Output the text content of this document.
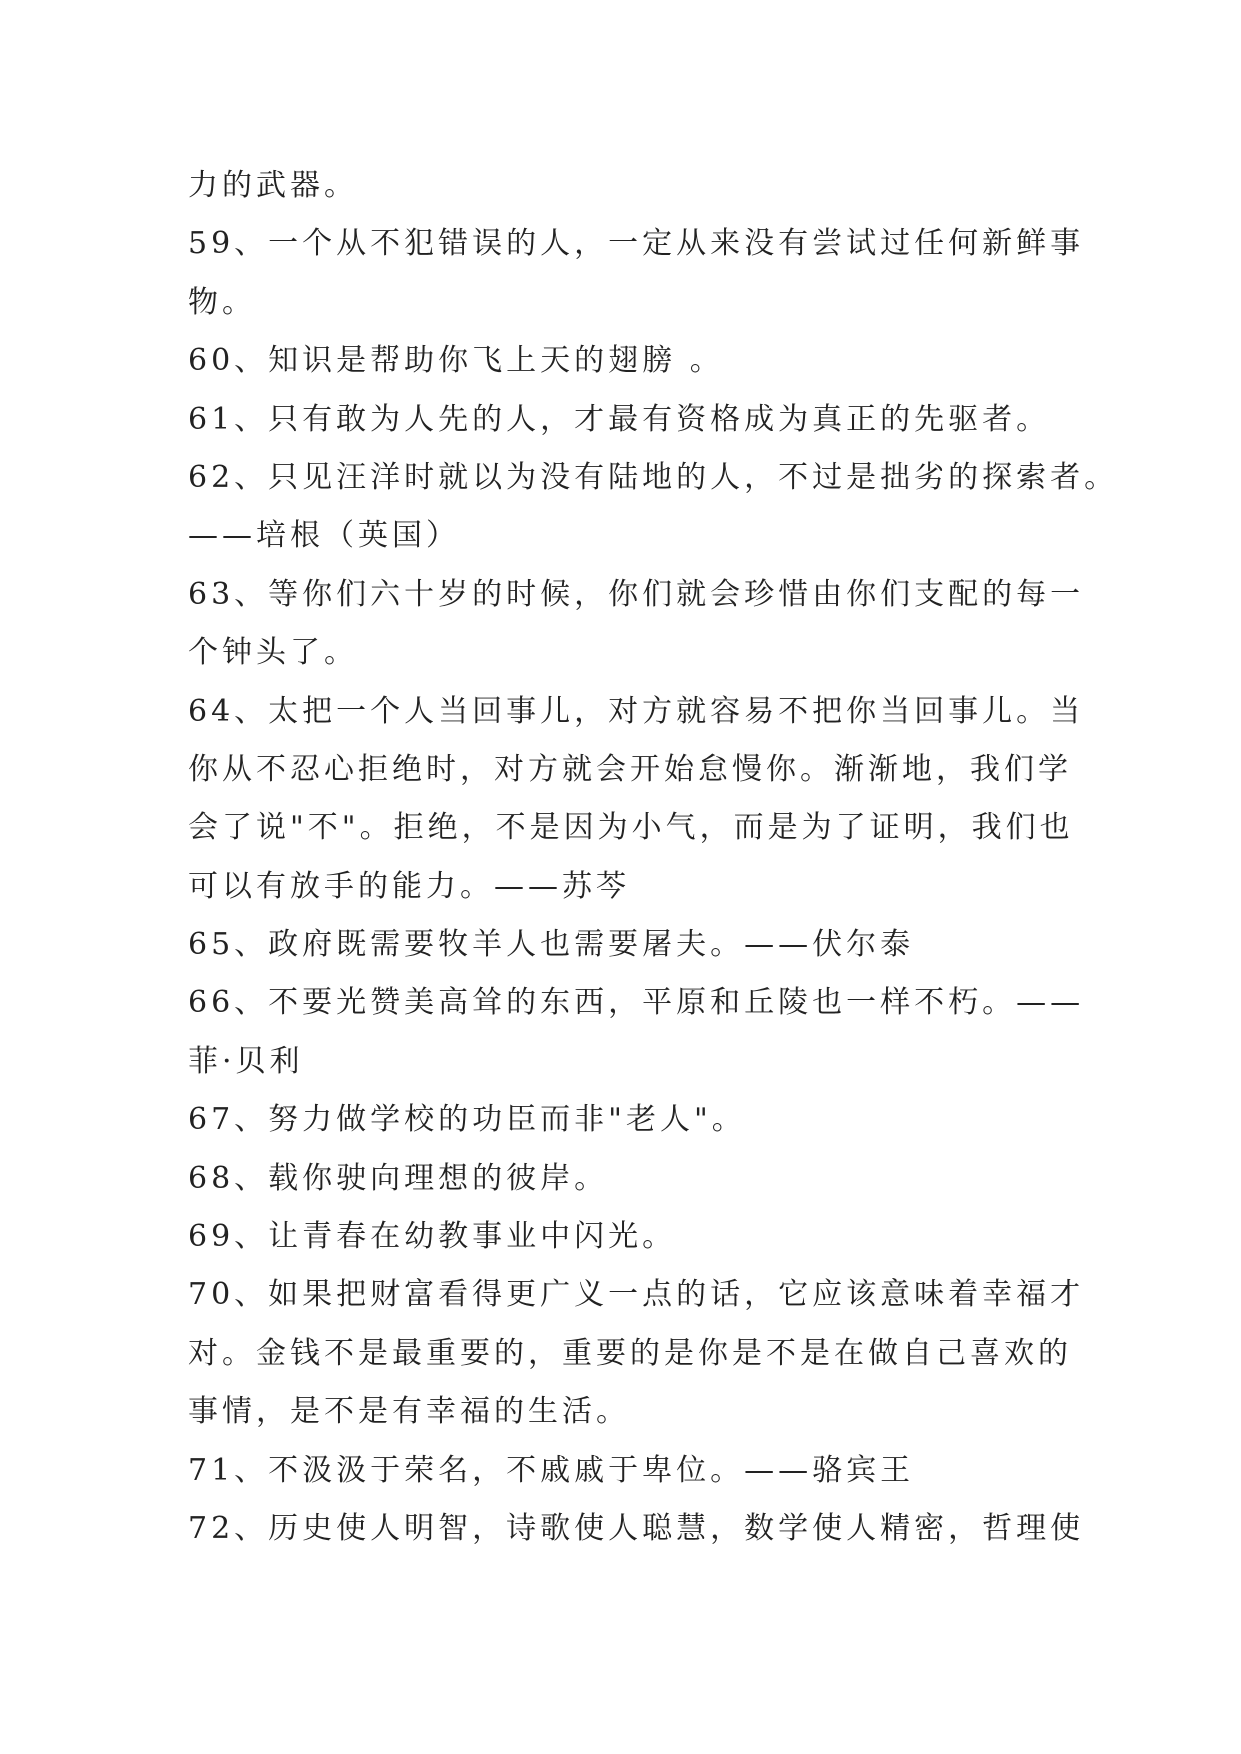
力的武器。
59、一个从不犯错误的人，一定从来没有尝试过任何新鲜事
物。
60、知识是帮助你飞上天的翅膀 。
61、只有敢为人先的人，才最有资格成为真正的先驱者。
62、只见汪洋时就以为没有陆地的人，不过是拙劣的探索者。
——培根（英国）
63、等你们六十岁的时候，你们就会珍惜由你们支配的每一
个钟头了。
64、太把一个人当回事儿，对方就容易不把你当回事儿。当
你从不忍心拒绝时，对方就会开始怠慢你。渐渐地，我们学
会了说"不"。拒绝，不是因为小气，而是为了证明，我们也
可以有放手的能力。——苏芩
65、政府既需要牧羊人也需要屠夫。——伏尔泰
66、不要光赞美高耸的东西，平原和丘陵也一样不朽。——
菲·贝利
67、努力做学校的功臣而非"老人"。
68、载你驶向理想的彼岸。
69、让青春在幼教事业中闪光。
70、如果把财富看得更广义一点的话，它应该意味着幸福才
对。金钱不是最重要的，重要的是你是不是在做自己喜欢的
事情，是不是有幸福的生活。
71、不汲汲于荣名，不戚戚于卑位。——骆宾王
72、历史使人明智，诗歌使人聪慧，数学使人精密，哲理使
